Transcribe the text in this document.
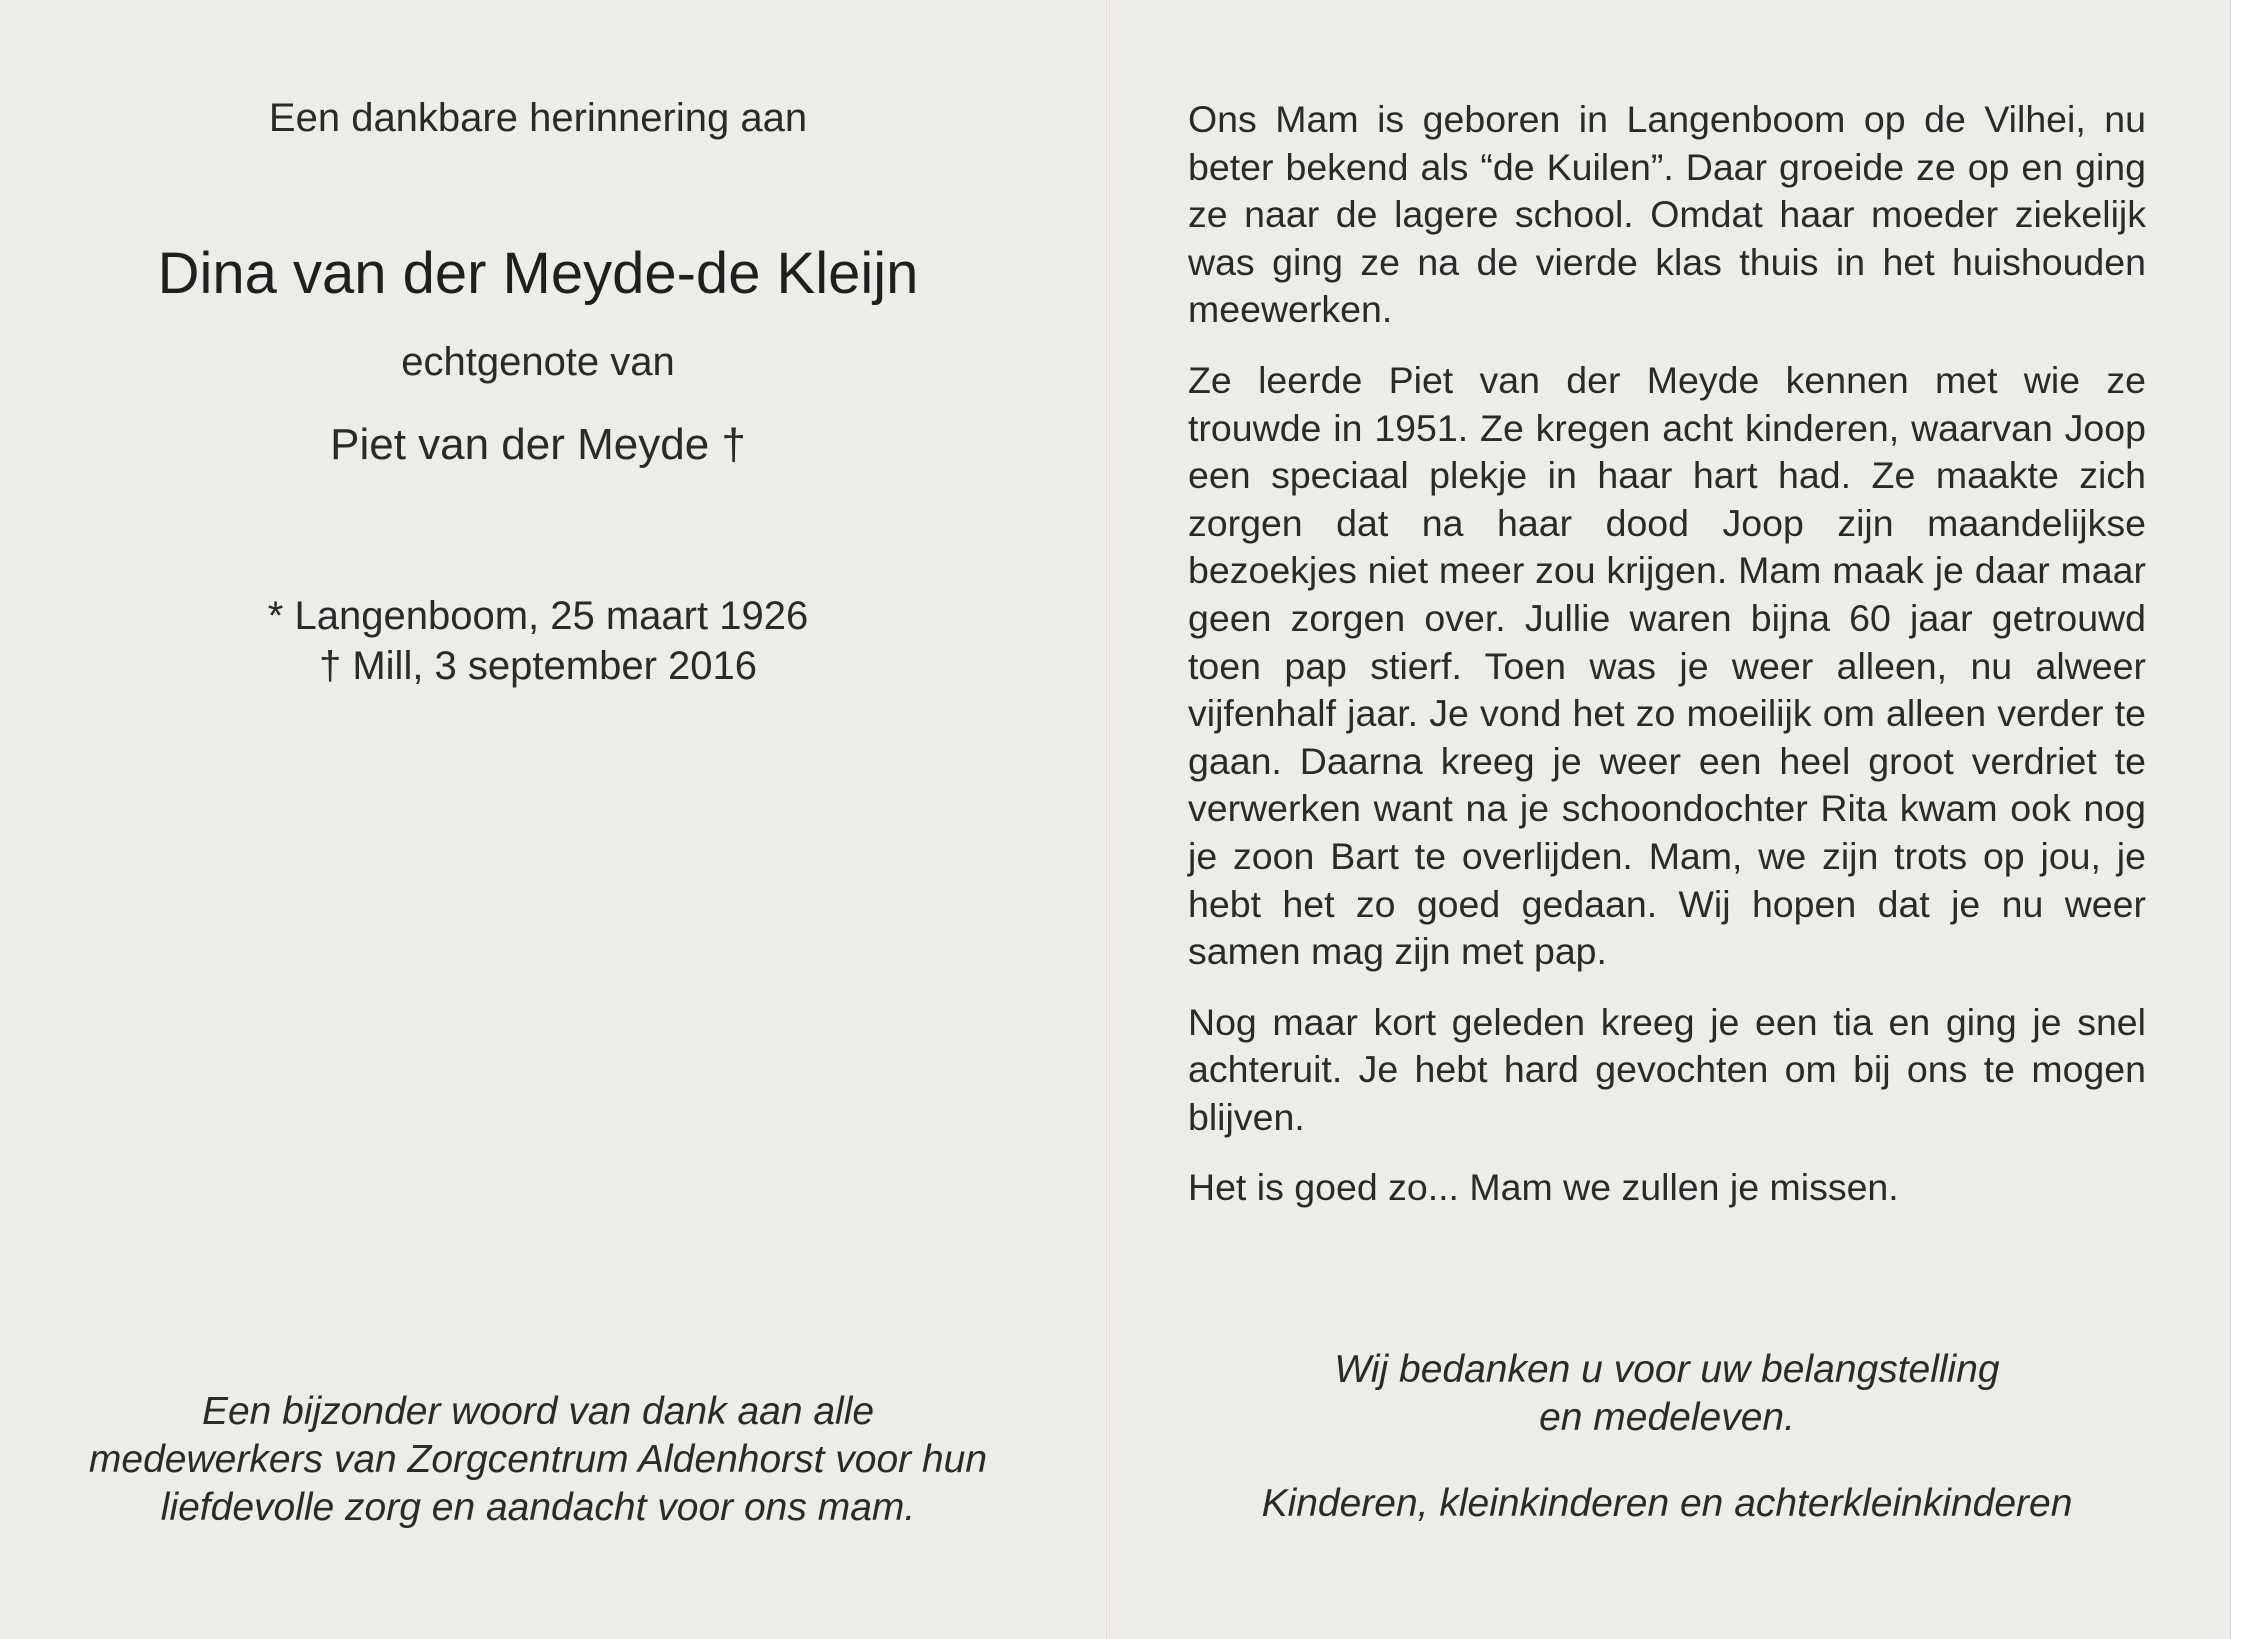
Een dankbare herinnering aan
Dina van der Meyde-de Kleijn
echtgenote van
Piet van der Meyde †
* Langenboom, 25 maart 1926
† Mill, 3 september 2016
Een bijzonder woord van dank aan alle medewerkers van Zorgcentrum Aldenhorst voor hun liefdevolle zorg en aandacht voor ons mam.

Ons Mam is geboren in Langenboom op de Vilhei, nu beter bekend als “de Kuilen”. Daar groeide ze op en ging ze naar de lagere school. Omdat haar moeder ziekelijk was ging ze na de vierde klas thuis in het huishouden meewerken.

Ze leerde Piet van der Meyde kennen met wie ze trouwde in 1951. Ze kregen acht kinderen, waarvan Joop een speciaal plekje in haar hart had. Ze maakte zich zorgen dat na haar dood Joop zijn maandelijkse bezoekjes niet meer zou krijgen. Mam maak je daar maar geen zorgen over. Jullie waren bijna 60 jaar getrouwd toen pap stierf. Toen was je weer alleen, nu alweer vijfenhalf jaar. Je vond het zo moeilijk om alleen verder te gaan. Daarna kreeg je weer een heel groot verdriet te verwerken want na je schoondochter Rita kwam ook nog je zoon Bart te overlijden. Mam, we zijn trots op jou, je hebt het zo goed gedaan. Wij hopen dat je nu weer samen mag zijn met pap.

Nog maar kort geleden kreeg je een tia en ging je snel achteruit. Je hebt hard gevochten om bij ons te mogen blijven.

Het is goed zo... Mam we zullen je missen.

Wij bedanken u voor uw belangstelling
en medeleven.
Kinderen, kleinkinderen en achterkleinkinderen
